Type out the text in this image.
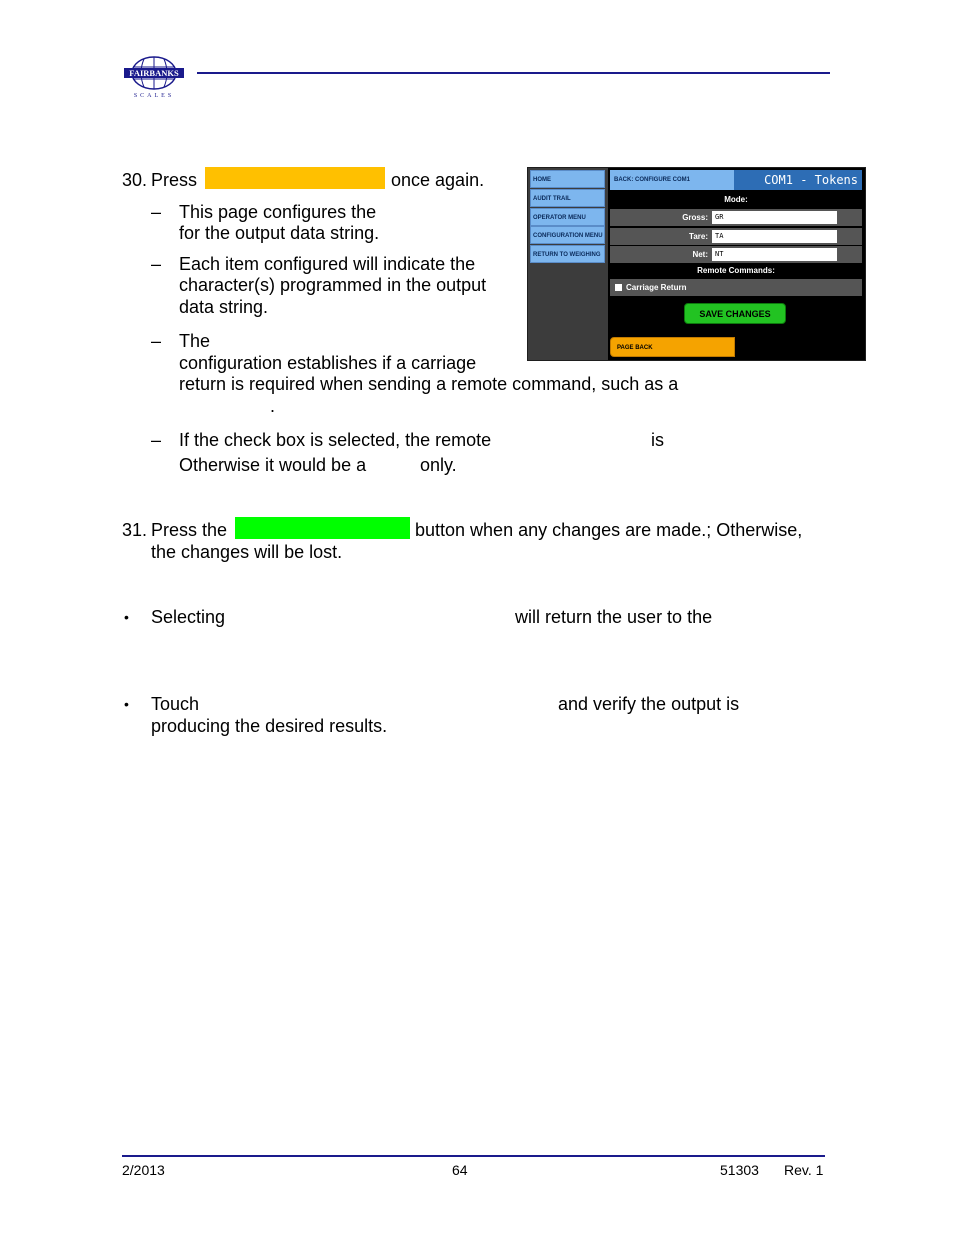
FAIRBANKS
SCALES
30. Press	once again.
– This page configures the
for the output data string.
– Each item configured will indicate the
character(s) programmed in the output
data string.
– The
configuration establishes if a carriage
return is required when sending a remote command, such as a
.
– If the check box is selected, the remote	is
Otherwise it would be a	only.
31. Press the	button when any changes are made.; Otherwise,
the changes will be lost.
• Selecting	will return the user to the
• Touch	and verify the output is
producing the desired results.
HOME
AUDIT TRAIL
OPERATOR MENU
CONFIGURATION MENU
RETURN TO WEIGHING
BACK: CONFIGURE COM1	COM1 - Tokens
Mode:
Gross:	GR
Tare:	TA
Net:	NT
Remote Commands:
Carriage Return
SAVE CHANGES
PAGE BACK
2/2013	64	51303 Rev. 1
